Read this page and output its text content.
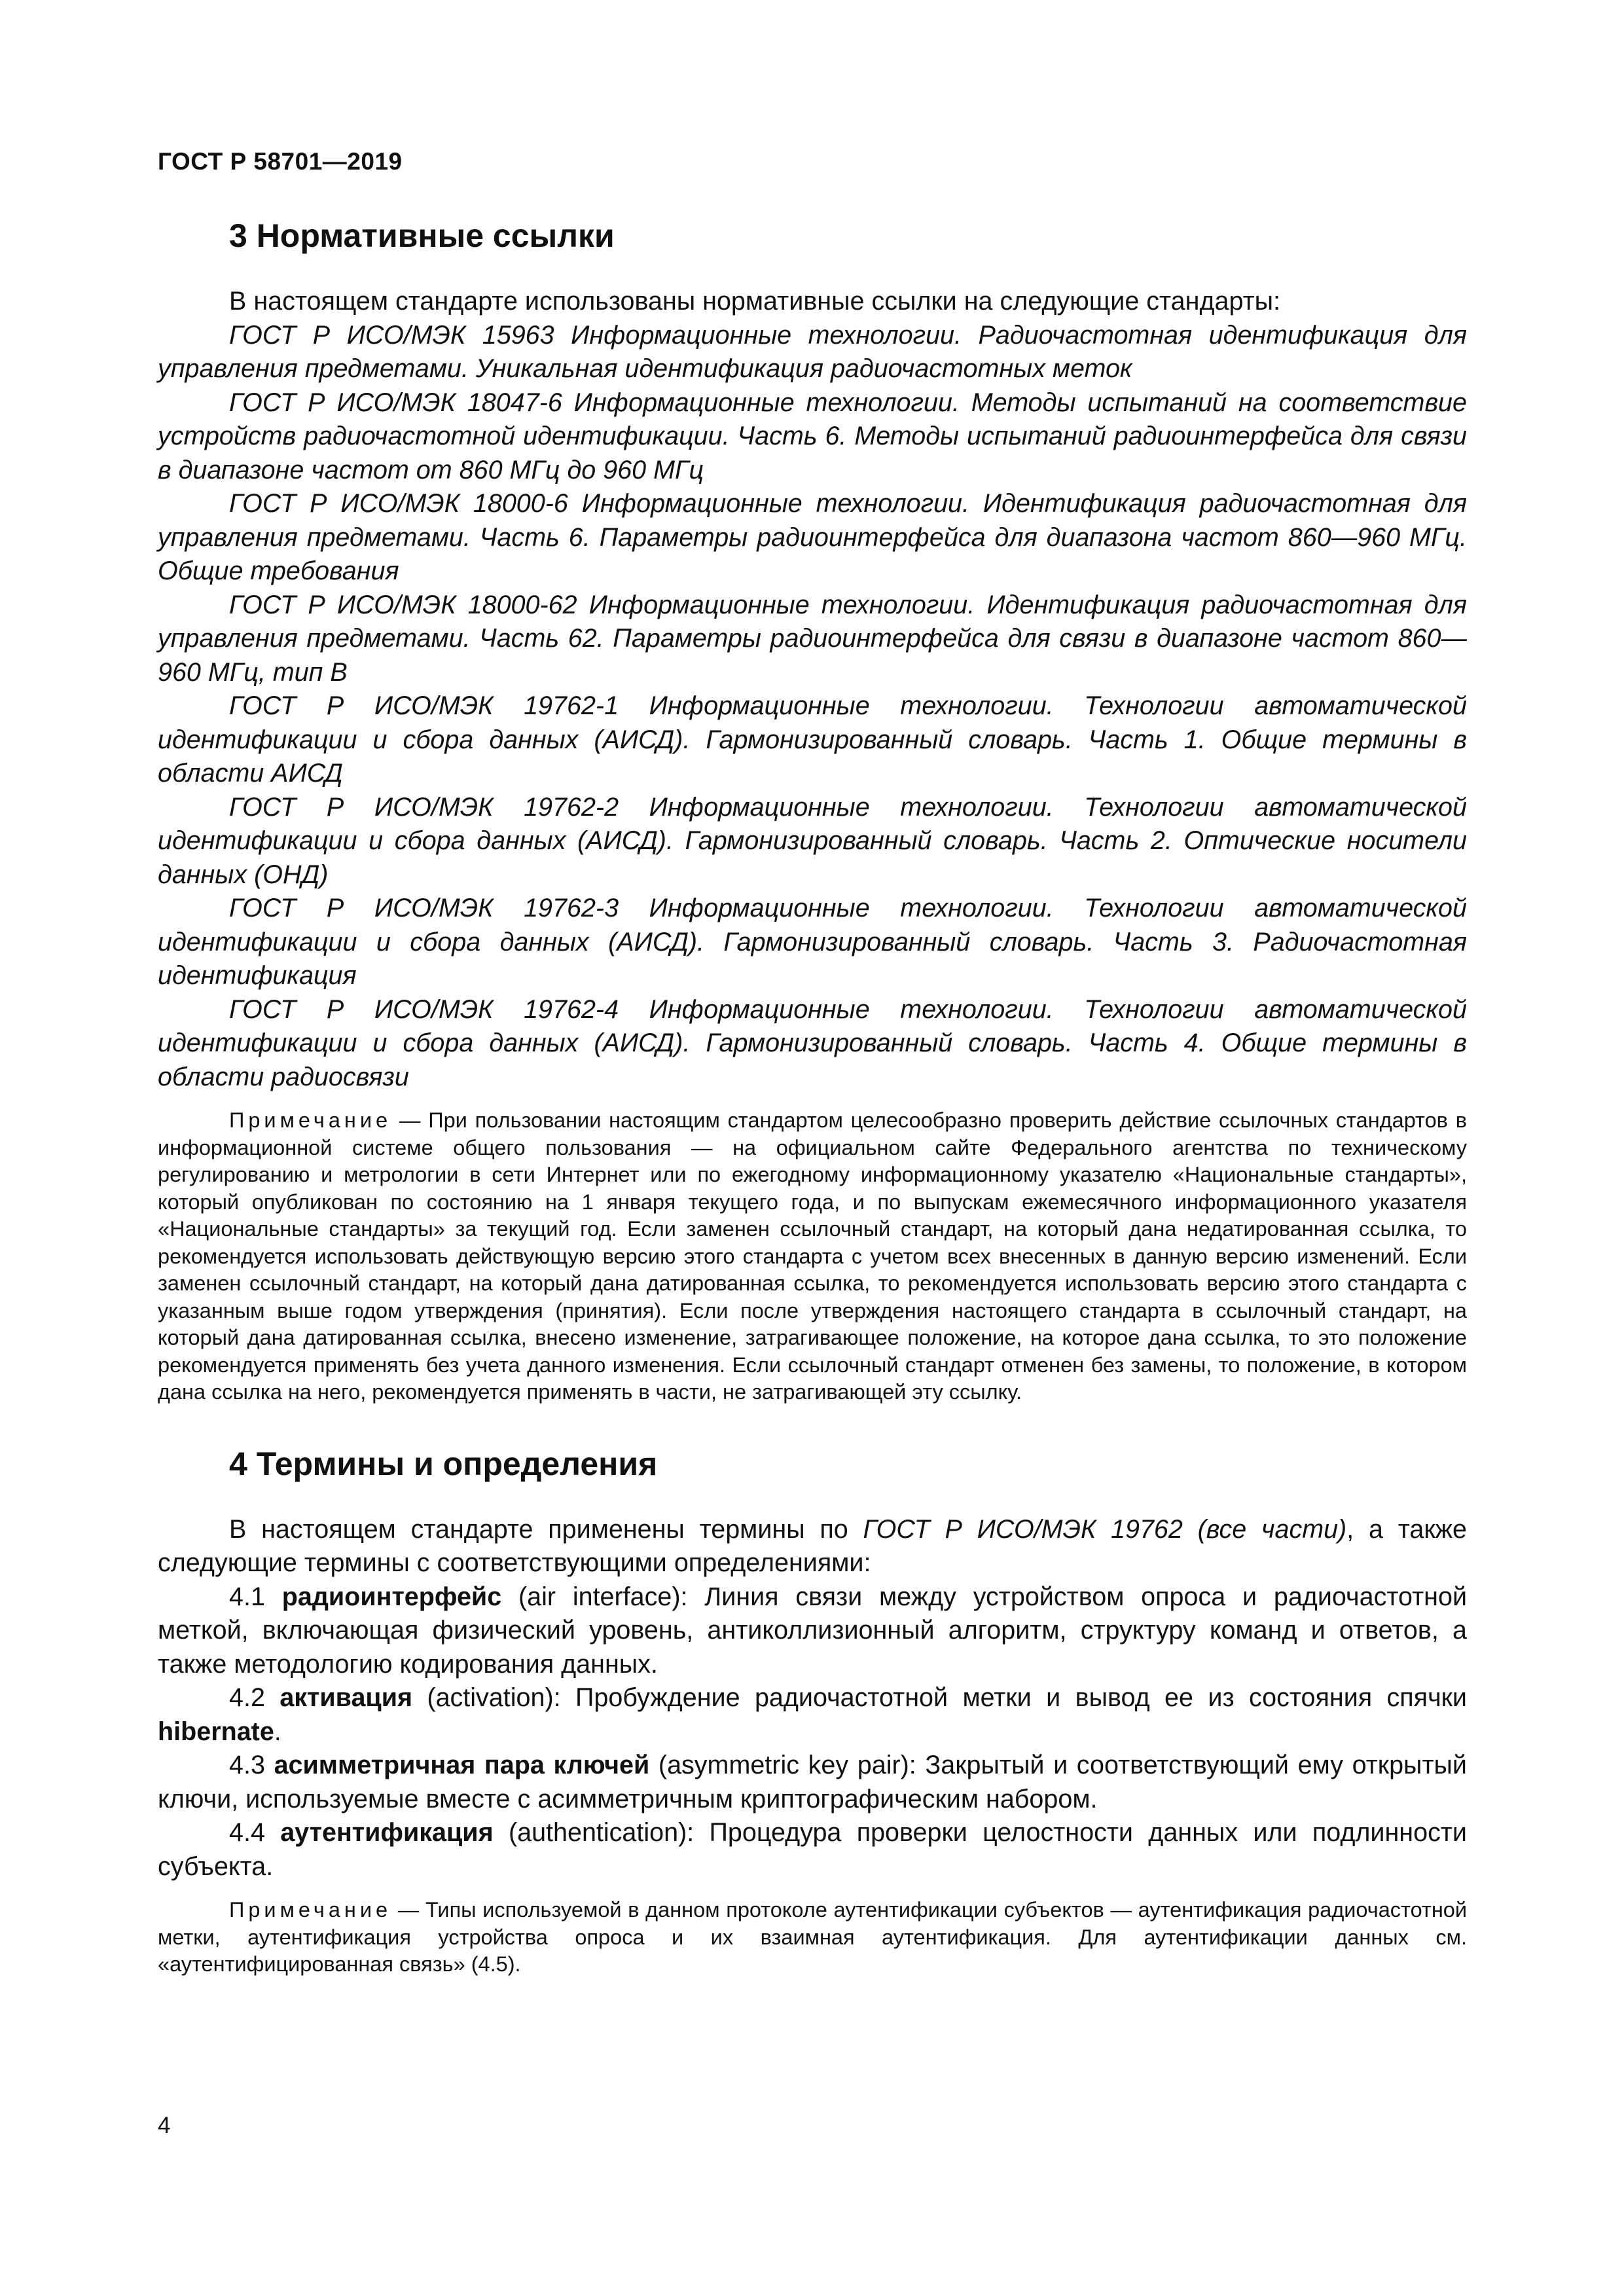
ГОСТ Р 58701—2019
3 Нормативные ссылки

В настоящем стандарте использованы нормативные ссылки на следующие стандарты:

ГОСТ Р ИСО/МЭК 15963 Информационные технологии. Радиочастотная идентификация для управления предметами. Уникальная идентификация радиочастотных меток

ГОСТ Р ИСО/МЭК 18047-6 Информационные технологии. Методы испытаний на соответствие устройств радиочастотной идентификации. Часть 6. Методы испытаний радиоинтерфейса для связи в диапазоне частот от 860 МГц до 960 МГц

ГОСТ Р ИСО/МЭК 18000-6 Информационные технологии. Идентификация радиочастотная для управления предметами. Часть 6. Параметры радиоинтерфейса для диапазона частот 860—960 МГц. Общие требования

ГОСТ Р ИСО/МЭК 18000-62 Информационные технологии. Идентификация радиочастотная для управления предметами. Часть 62. Параметры радиоинтерфейса для связи в диапазоне частот 860—960 МГц, тип В

ГОСТ Р ИСО/МЭК 19762-1 Информационные технологии. Технологии автоматической идентификации и сбора данных (АИСД). Гармонизированный словарь. Часть 1. Общие термины в области АИСД

ГОСТ Р ИСО/МЭК 19762-2 Информационные технологии. Технологии автоматической идентификации и сбора данных (АИСД). Гармонизированный словарь. Часть 2. Оптические носители данных (ОНД)

ГОСТ Р ИСО/МЭК 19762-3 Информационные технологии. Технологии автоматической идентификации и сбора данных (АИСД). Гармонизированный словарь. Часть 3. Радиочастотная идентификация

ГОСТ Р ИСО/МЭК 19762-4 Информационные технологии. Технологии автоматической идентификации и сбора данных (АИСД). Гармонизированный словарь. Часть 4. Общие термины в области радиосвязи

Примечание — При пользовании настоящим стандартом целесообразно проверить действие ссылочных стандартов в информационной системе общего пользования — на официальном сайте Федерального агентства по техническому регулированию и метрологии в сети Интернет или по ежегодному информационному указателю «Национальные стандарты», который опубликован по состоянию на 1 января текущего года, и по выпускам ежемесячного информационного указателя «Национальные стандарты» за текущий год. Если заменен ссылочный стандарт, на который дана недатированная ссылка, то рекомендуется использовать действующую версию этого стандарта с учетом всех внесенных в данную версию изменений. Если заменен ссылочный стандарт, на который дана датированная ссылка, то рекомендуется использовать версию этого стандарта с указанным выше годом утверждения (принятия). Если после утверждения настоящего стандарта в ссылочный стандарт, на который дана датированная ссылка, внесено изменение, затрагивающее положение, на которое дана ссылка, то это положение рекомендуется применять без учета данного изменения. Если ссылочный стандарт отменен без замены, то положение, в котором дана ссылка на него, рекомендуется применять в части, не затрагивающей эту ссылку.

4 Термины и определения

В настоящем стандарте применены термины по ГОСТ Р ИСО/МЭК 19762 (все части), а также следующие термины с соответствующими определениями:

4.1 радиоинтерфейс (air interface): Линия связи между устройством опроса и радиочастотной меткой, включающая физический уровень, антиколлизионный алгоритм, структуру команд и ответов, а также методологию кодирования данных.

4.2 активация (activation): Пробуждение радиочастотной метки и вывод ее из состояния спячки hibernate.

4.3 асимметричная пара ключей (asymmetric key pair): Закрытый и соответствующий ему открытый ключи, используемые вместе с асимметричным криптографическим набором.

4.4 аутентификация (authentication): Процедура проверки целостности данных или подлинности субъекта.

Примечание — Типы используемой в данном протоколе аутентификации субъектов — аутентификация радиочастотной метки, аутентификация устройства опроса и их взаимная аутентификация. Для аутентификации данных см. «аутентифицированная связь» (4.5).

4
